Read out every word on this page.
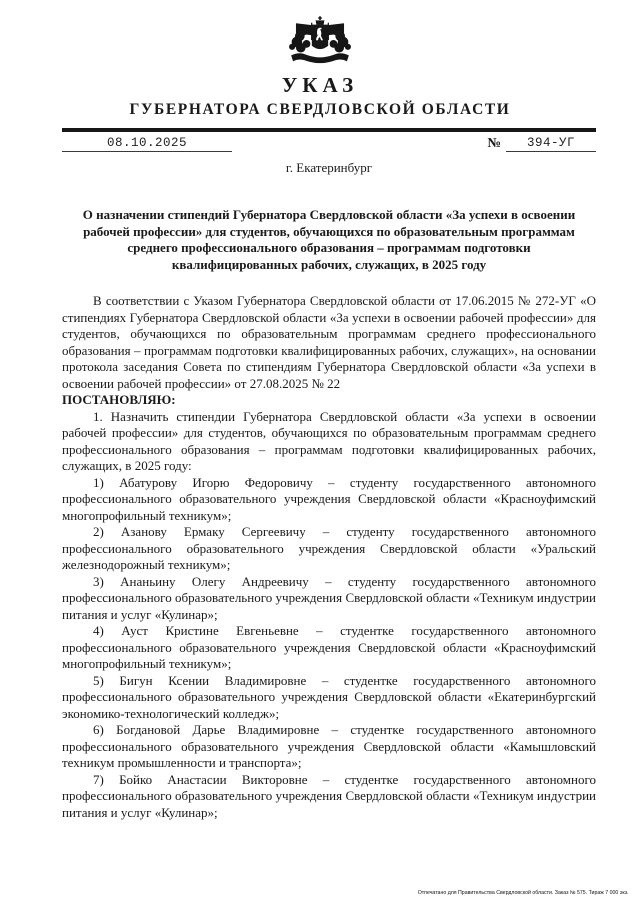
УКАЗ
ГУБЕРНАТОРА СВЕРДЛОВСКОЙ ОБЛАСТИ
08.10.2025	№	394-УГ
г. Екатеринбург
О назначении стипендий Губернатора Свердловской области «За успехи в освоении рабочей профессии» для студентов, обучающихся по образовательным программам среднего профессионального образования – программам подготовки квалифицированных рабочих, служащих, в 2025 году

В соответствии с Указом Губернатора Свердловской области от 17.06.2015 № 272-УГ «О стипендиях Губернатора Свердловской области «За успехи в освоении рабочей профессии» для студентов, обучающихся по образовательным программам среднего профессионального образования – программам подготовки квалифицированных рабочих, служащих», на основании протокола заседания Совета по стипендиям Губернатора Свердловской области «За успехи в освоении рабочей профессии» от 27.08.2025 № 22

ПОСТАНОВЛЯЮ:

1. Назначить стипендии Губернатора Свердловской области «За успехи в освоении рабочей профессии» для студентов, обучающихся по образовательным программам среднего профессионального образования – программам подготовки квалифицированных рабочих, служащих, в 2025 году:

1) Абатурову Игорю Федоровичу – студенту государственного автономного профессионального образовательного учреждения Свердловской области «Красноуфимский многопрофильный техникум»;

2) Азанову Ермаку Сергеевичу – студенту государственного автономного профессионального образовательного учреждения Свердловской области «Уральский железнодорожный техникум»;

3) Ананьину Олегу Андреевичу – студенту государственного автономного профессионального образовательного учреждения Свердловской области «Техникум индустрии питания и услуг «Кулинар»;

4) Ауст Кристине Евгеньевне – студентке государственного автономного профессионального образовательного учреждения Свердловской области «Красноуфимский многопрофильный техникум»;

5) Бигун Ксении Владимировне – студентке государственного автономного профессионального образовательного учреждения Свердловской области «Екатеринбургский экономико-технологический колледж»;

6) Богдановой Дарье Владимировне – студентке государственного автономного профессионального образовательного учреждения Свердловской области «Камышловский техникум промышленности и транспорта»;

7) Бойко Анастасии Викторовне – студентке государственного автономного профессионального образовательного учреждения Свердловской области «Техникум индустрии питания и услуг «Кулинар»;

Отпечатано для Правительства Свердловской области. Заказ № 575. Тираж 7 000 экз.
